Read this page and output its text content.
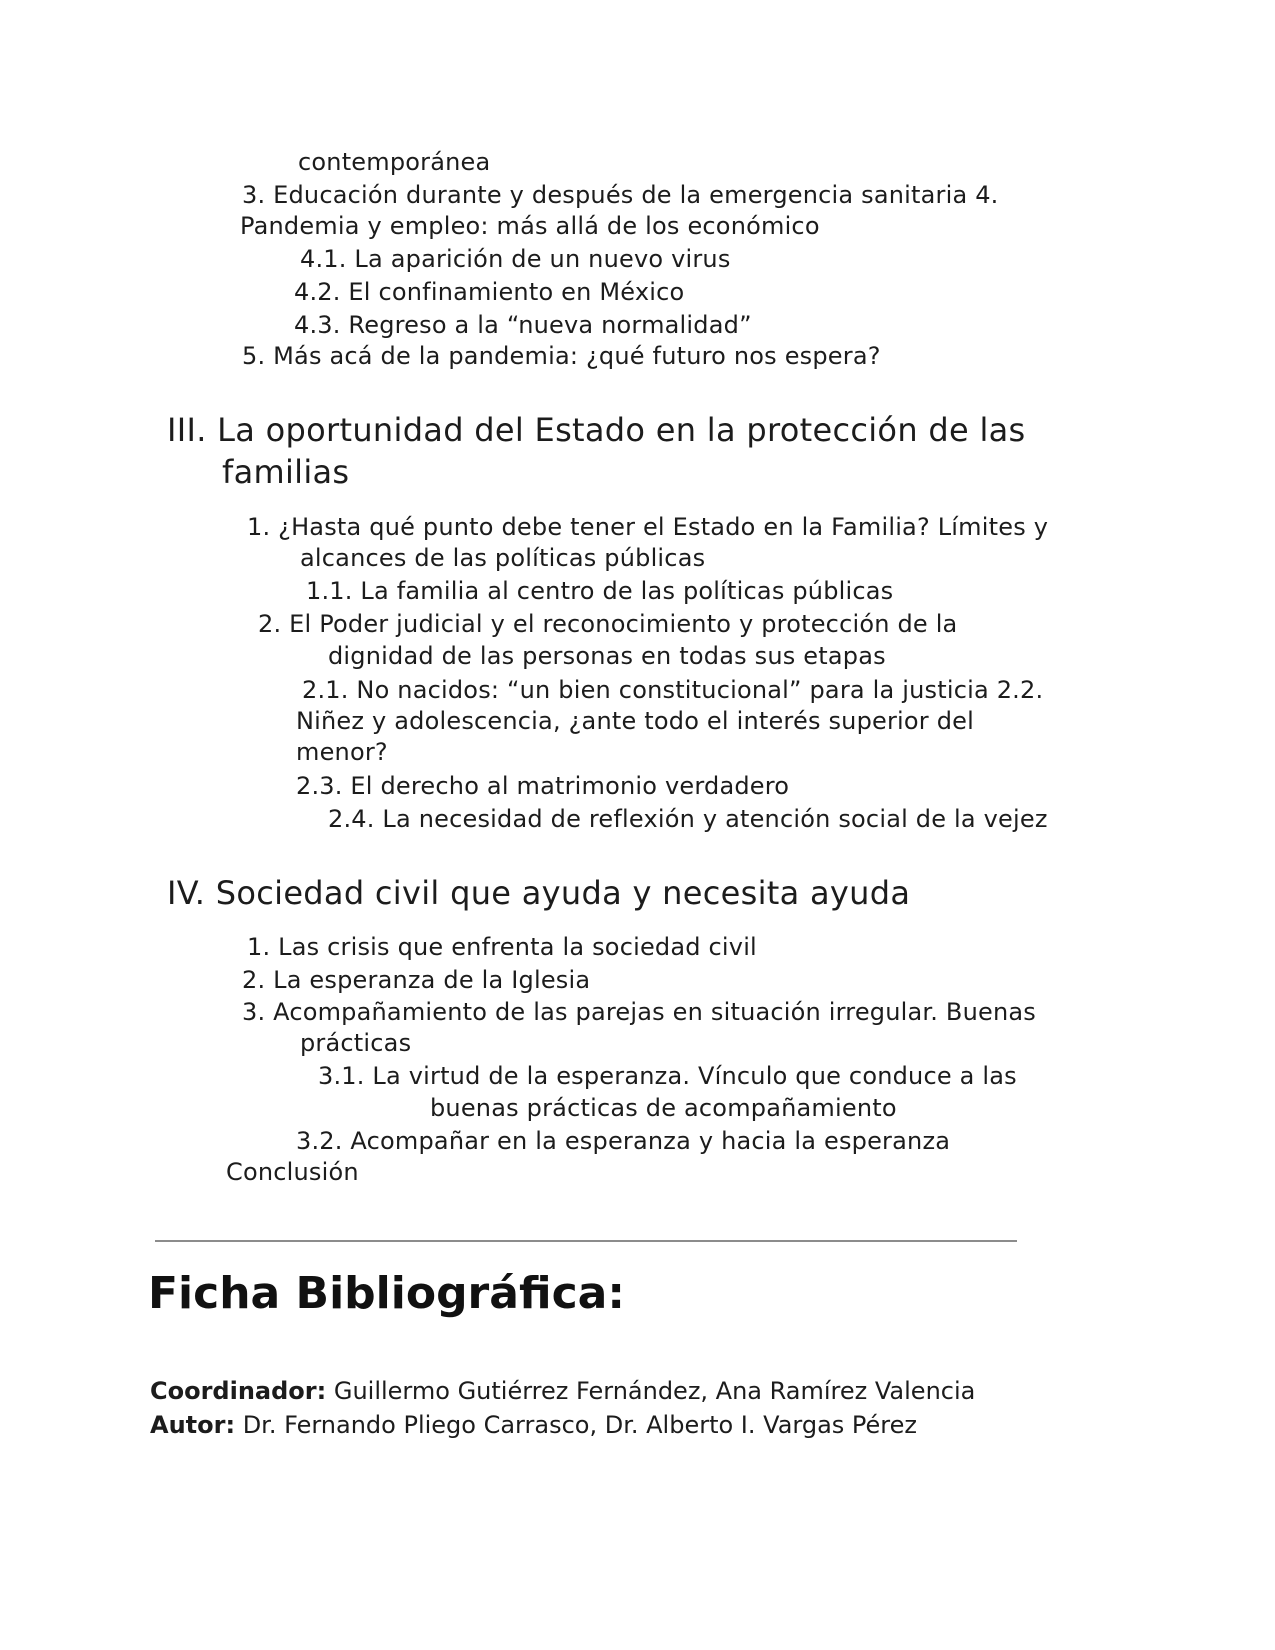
contemporánea
3. Educación durante y después de la emergencia sanitaria 4.
Pandemia y empleo: más allá de los económico
4.1. La aparición de un nuevo virus
4.2. El confinamiento en México
4.3. Regreso a la “nueva normalidad”
5. Más acá de la pandemia: ¿qué futuro nos espera?
III. La oportunidad del Estado en la protección de las
familias
1. ¿Hasta qué punto debe tener el Estado en la Familia? Límites y
alcances de las políticas públicas
1.1. La familia al centro de las políticas públicas
2. El Poder judicial y el reconocimiento y protección de la
dignidad de las personas en todas sus etapas
2.1. No nacidos: “un bien constitucional” para la justicia 2.2.
Niñez y adolescencia, ¿ante todo el interés superior del
menor?
2.3. El derecho al matrimonio verdadero
2.4. La necesidad de reflexión y atención social de la vejez
IV. Sociedad civil que ayuda y necesita ayuda
1. Las crisis que enfrenta la sociedad civil
2. La esperanza de la Iglesia
3. Acompañamiento de las parejas en situación irregular. Buenas
prácticas
3.1. La virtud de la esperanza. Vínculo que conduce a las
buenas prácticas de acompañamiento
3.2. Acompañar en la esperanza y hacia la esperanza
Conclusión
Ficha Bibliográfica:
Coordinador: Guillermo Gutiérrez Fernández, Ana Ramírez Valencia
Autor: Dr. Fernando Pliego Carrasco, Dr. Alberto I. Vargas Pérez
